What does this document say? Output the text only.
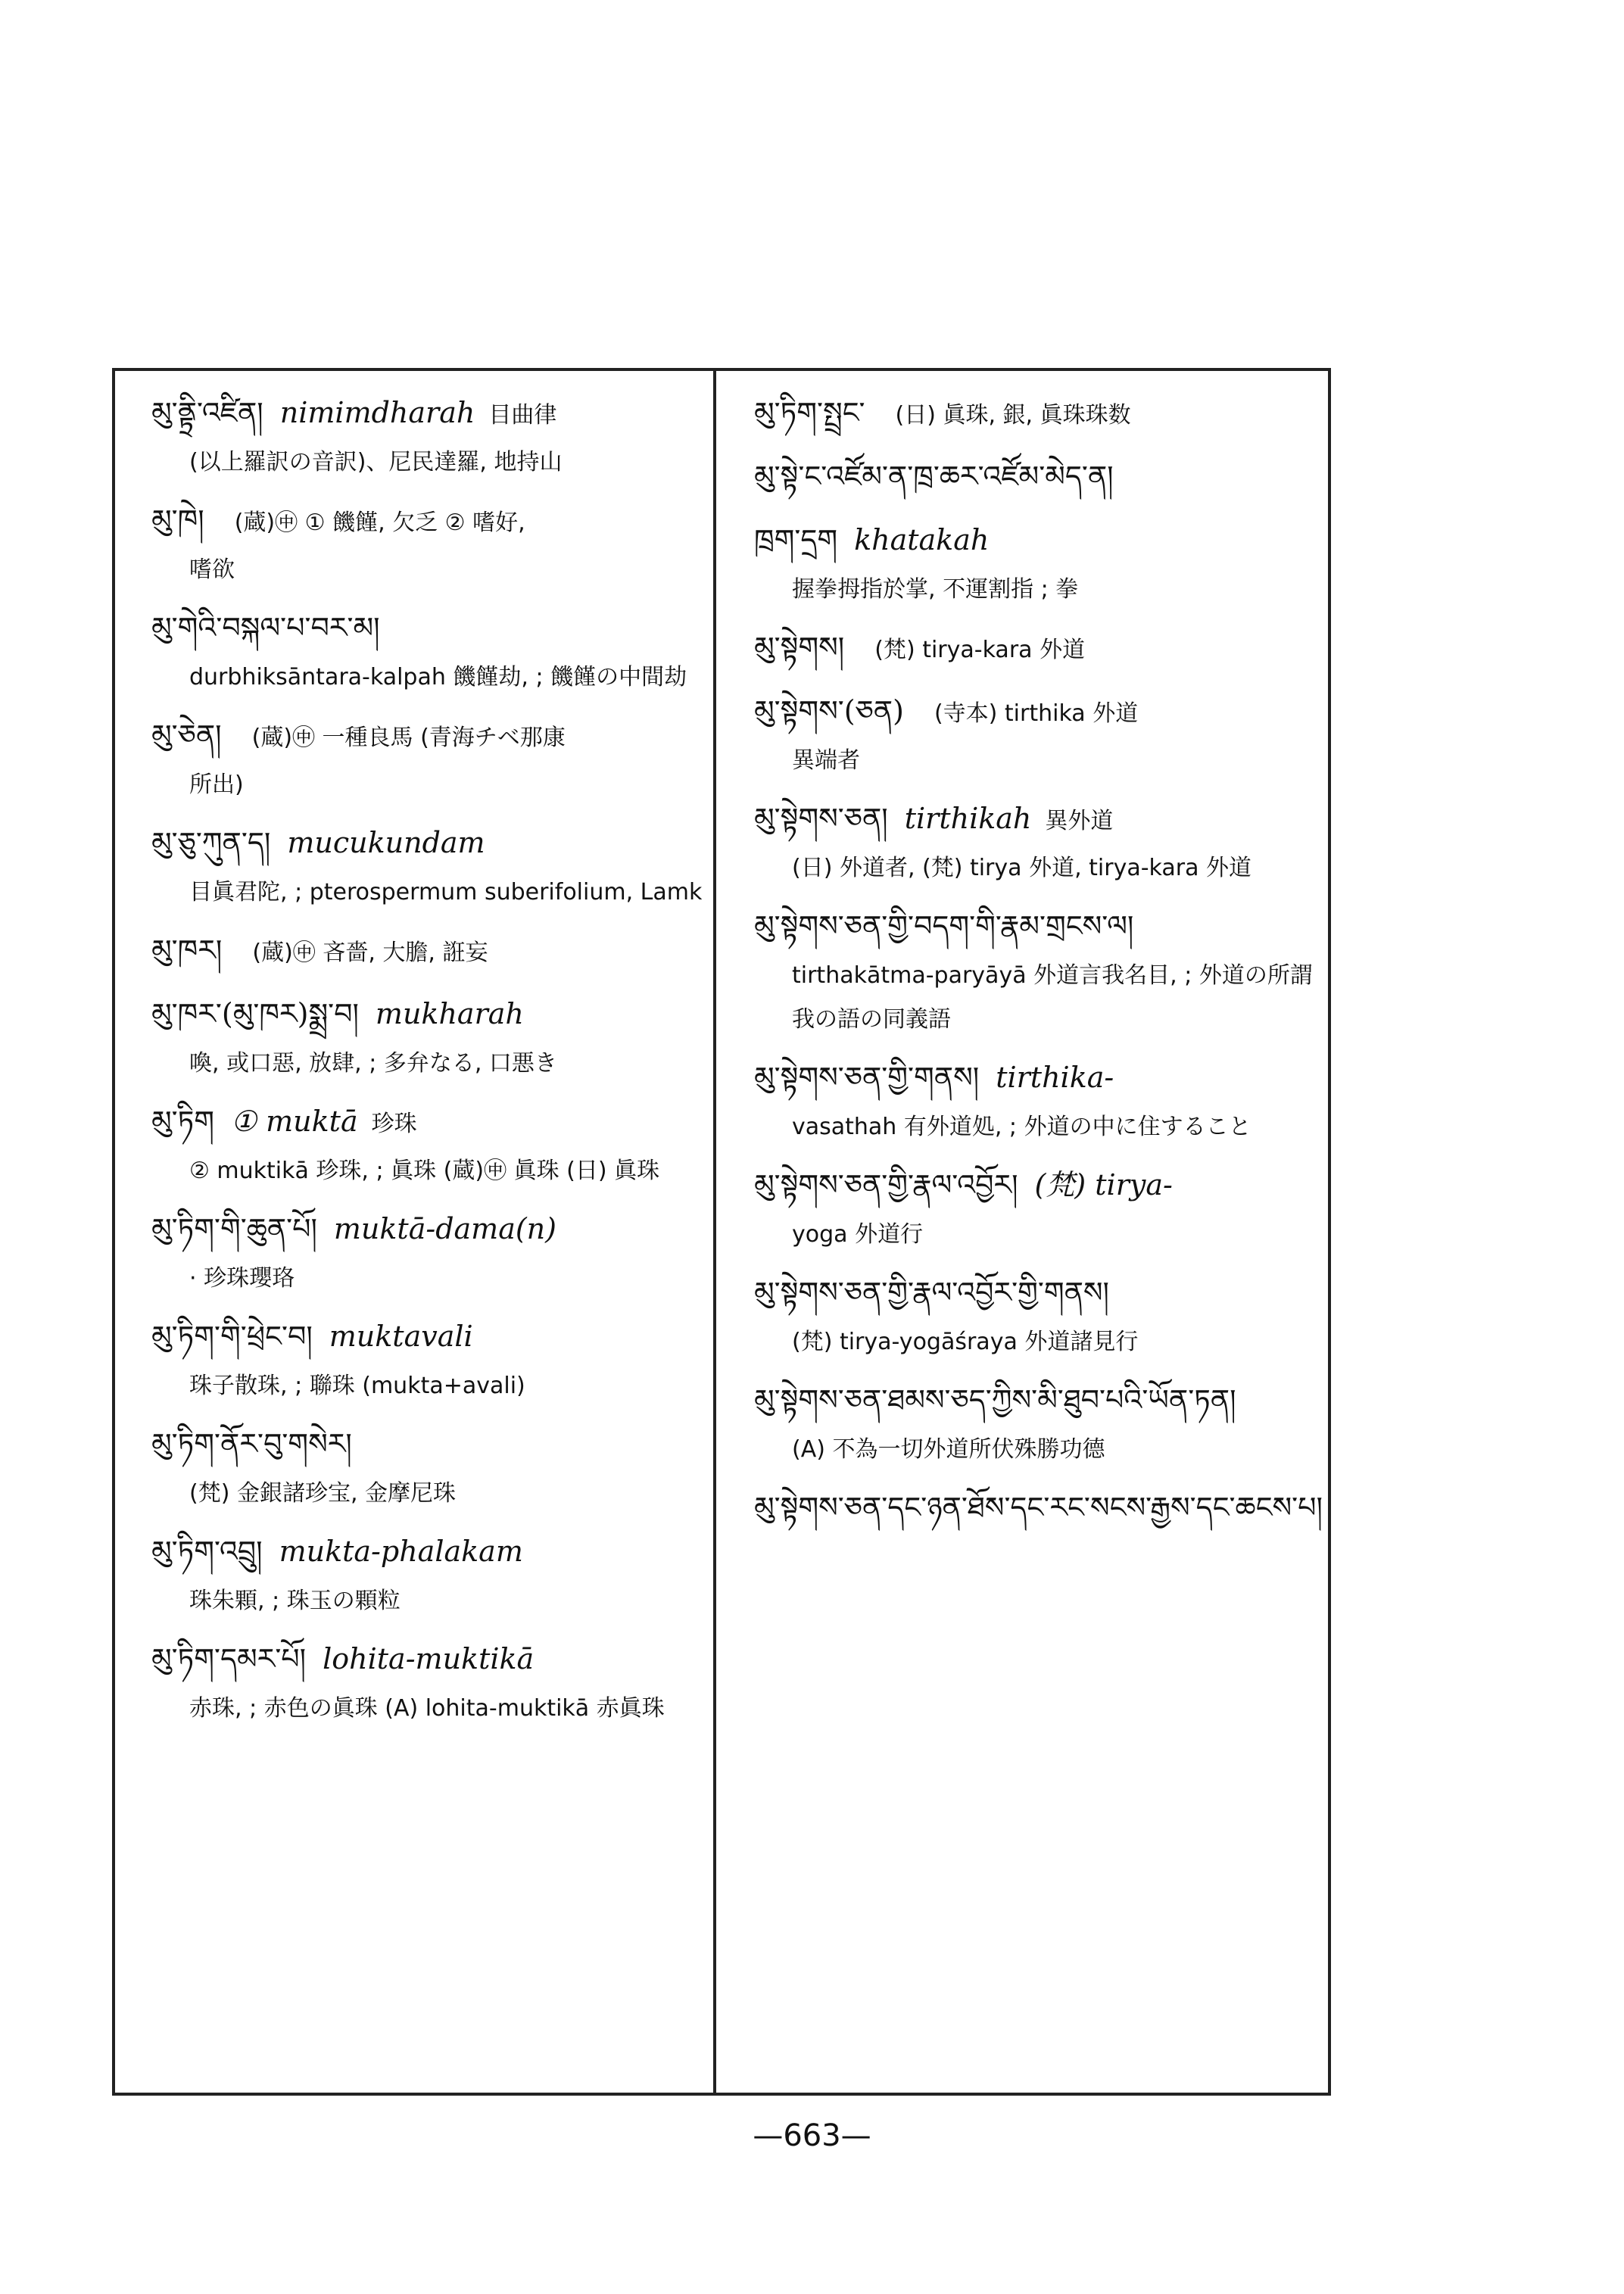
མུ་ནྟྲི་འཛིན། nimimdharah 目曲律
(以上羅訳の音訳)、尼民達羅, 地持山
མུ་ཁེ། (蔵)㊥ ① 饑饉, 欠乏 ② 嗜好,
嗜欲
མུ་གེའི་བསྐལ་པ་བར་མ།
durbhiksāntara-kalpah 饑饉劫, ; 饑饉の中間劫
མུ་ཅེན། (蔵)㊥ 一種良馬 (青海チベ那康
所出)
མུ་ཅུ་ཀུན་ད། mucukundam
目眞君陀, ; pterospermum suberifolium, Lamk
མུ་ཁར། (蔵)㊥ 吝嗇, 大膽, 誑妄
མུ་ཁར་(མུ་ཁར)སྨྲ་བ། mukharah
喚, 或口惡, 放肆, ; 多弁なる, 口悪き
མུ་ཏིག ① muktā 珍珠
② muktikā 珍珠, ; 眞珠 (蔵)㊥ 眞珠 (日) 眞珠
མུ་ཏིག་གི་ཆུན་པོ། muktā-dama(n)
· 珍珠瓔珞
མུ་ཏིག་གི་ཕྲེང་བ། muktavali
珠子散珠, ; 聯珠 (mukta+avali)
མུ་ཏིག་ནོར་བུ་གསེར།
(梵) 金銀諸珍宝, 金摩尼珠
མུ་ཏིག་འབྲུ། mukta-phalakam
珠朱顆, ; 珠玉の顆粒
མུ་ཏིག་དམར་པོ། lohita-muktikā
赤珠, ; 赤色の眞珠 (A) lohita-muktikā 赤眞珠
མུ་ཏིག་སྤྲང་ (日) 眞珠, 銀, 眞珠珠数
མུ་སྟེ་ང་འཛོམ་ན་ཁྲ་ཆར་འཛོམ་མེད་ན།
ཁྲག་དྲག khatakah
握拳拇指於掌, 不運割指 ; 拳
མུ་སྟེགས། (梵) tirya-kara 外道
མུ་སྟེགས་(ཅན) (寺本) tirthika 外道
異端者
མུ་སྟེགས་ཅན། tirthikah 異外道
(日) 外道者, (梵) tirya 外道, tirya-kara 外道
མུ་སྟེགས་ཅན་གྱི་བདག་གི་རྣམ་གྲངས་ལ།
tirthakātma-paryāyā 外道言我名目, ; 外道の所謂我の語の同義語
མུ་སྟེགས་ཅན་གྱི་གནས། tirthika-
vasathah 有外道処, ; 外道の中に住すること
མུ་སྟེགས་ཅན་གྱི་རྣལ་འབྱོར། (梵) tirya-
yoga 外道行
མུ་སྟེགས་ཅན་གྱི་རྣལ་འབྱོར་གྱི་གནས།
(梵) tirya-yogāśraya 外道諸見行
མུ་སྟེགས་ཅན་ཐམས་ཅད་ཀྱིས་མི་ཐུབ་པའི་ཡོན་ཏན།
(A) 不為一切外道所伏殊勝功德
མུ་སྟེགས་ཅན་དང་ཉན་ཐོས་དང་རང་སངས་རྒྱས་དང་ཆངས་པ།
—663—
